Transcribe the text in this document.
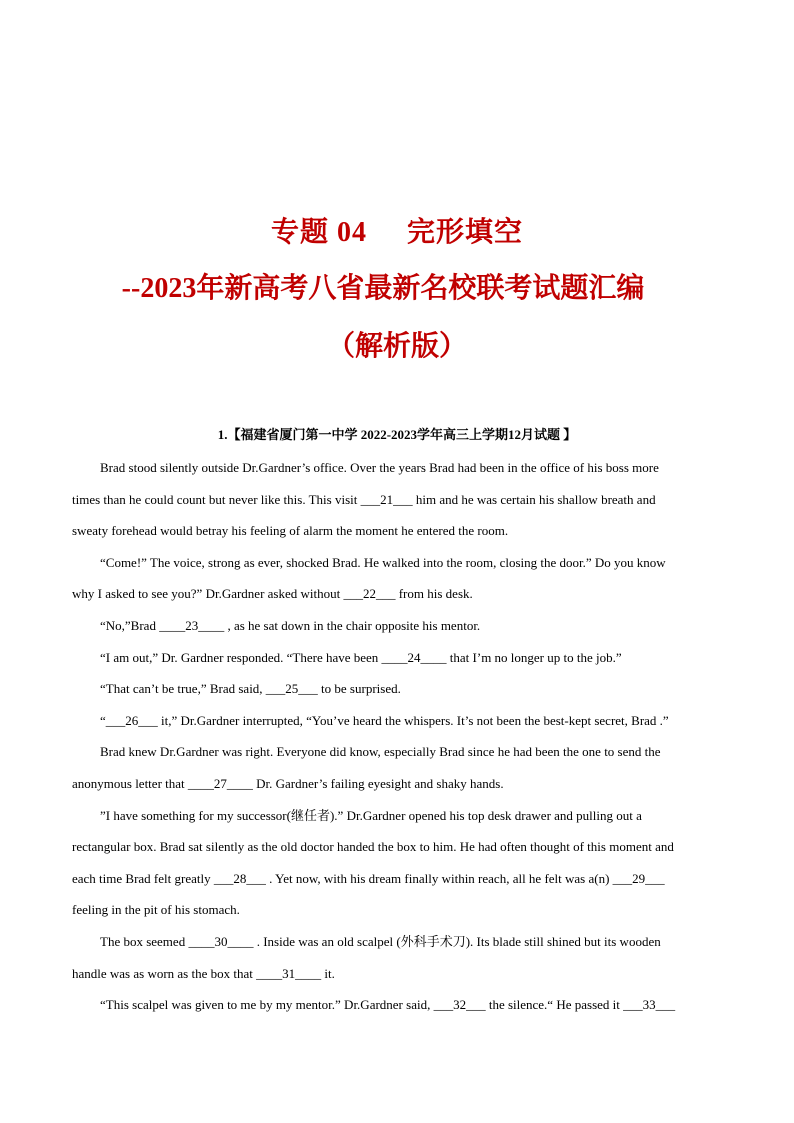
专题 04 完形填空
--2023年新高考八省最新名校联考试题汇编
（解析版）
1.【福建省厦门第一中学 2022-2023学年高三上学期12月试题 】

Brad stood silently outside Dr.Gardner’s office. Over the years Brad had been in the office of his boss more

times than he could count but never like this. This visit ___21___ him and he was certain his shallow breath and

sweaty forehead would betray his feeling of alarm the moment he entered the room.

“Come!” The voice, strong as ever, shocked Brad. He walked into the room, closing the door.” Do you know

why I asked to see you?” Dr.Gardner asked without ___22___ from his desk.

“No,”Brad ____23____ , as he sat down in the chair opposite his mentor.

“I am out,” Dr. Gardner responded. “There have been ____24____ that I’m no longer up to the job.”

“That can’t be true,” Brad said, ___25___ to be surprised.

“___26___ it,” Dr.Gardner interrupted, “You’ve heard the whispers. It’s not been the best-kept secret, Brad .”

Brad knew Dr.Gardner was right. Everyone did know, especially Brad since he had been the one to send the

anonymous letter that ____27____ Dr. Gardner’s failing eyesight and shaky hands.

”I have something for my successor(继任者).” Dr.Gardner opened his top desk drawer and pulling out a

rectangular box. Brad sat silently as the old doctor handed the box to him. He had often thought of this moment and

each time Brad felt greatly ___28___ . Yet now, with his dream finally within reach, all he felt was a(n) ___29___

feeling in the pit of his stomach.

The box seemed ____30____ . Inside was an old scalpel (外科手术刀). Its blade still shined but its wooden

handle was as worn as the box that ____31____ it.

“This scalpel was given to me by my mentor.” Dr.Gardner said, ___32___ the silence.“ He passed it ___33___
